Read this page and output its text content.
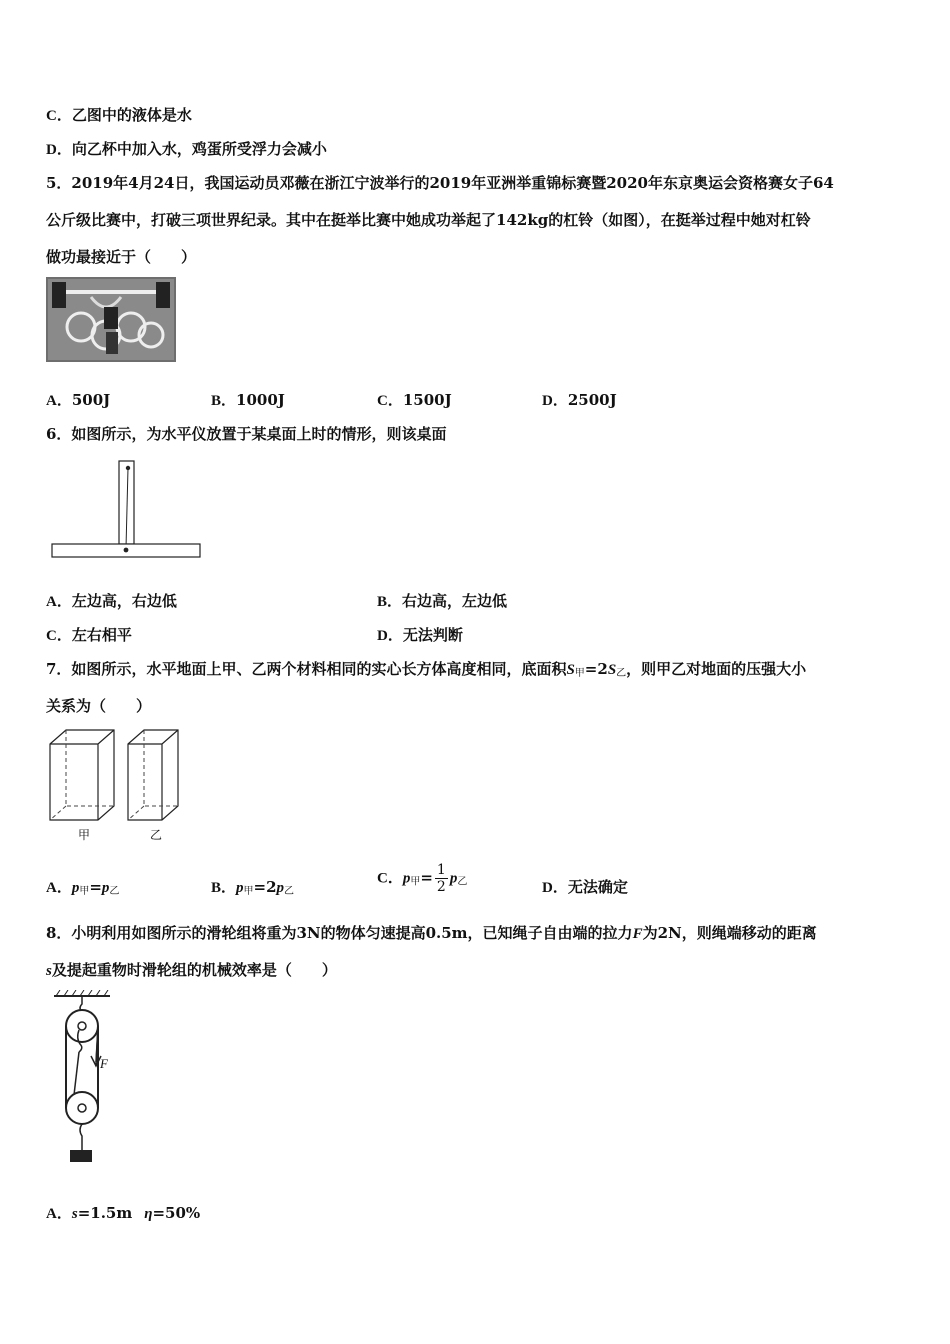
C．乙图中的液体是水
D．向乙杯中加入水，鸡蛋所受浮力会减小
5．2019年4月24日，我国运动员邓薇在浙江宁波举行的2019年亚洲举重锦标赛暨2020年东京奥运会资格赛女子64
公斤级比赛中，打破三项世界纪录。其中在挺举比赛中她成功举起了142kg的杠铃（如图），在挺举过程中她对杠铃
做功最接近于（　　）
A．500J	B．1000J	C．1500J	D．2500J
6．如图所示，为水平仪放置于某桌面上时的情形，则该桌面
A．左边高，右边低	B．右边高，左边低
C．左右相平	D．无法判断
7．如图所示，水平地面上甲、乙两个材料相同的实心长方体高度相同，底面积$S_甲=2S_乙$，则甲乙对地面的压强大小
关系为（　　）
甲	乙
A．$p_甲=p_乙$	B．$p_甲=2p_乙$
C．$p_甲= \frac{1}{2} p_乙$	D．无法确定
8．小明利用如图所示的滑轮组将重为3N的物体匀速提高0.5m，已知绳子自由端的拉力F为2N，则绳端移动的距离
s及提起重物时滑轮组的机械效率是（　　）
F
A．s=1.5m η=50%
